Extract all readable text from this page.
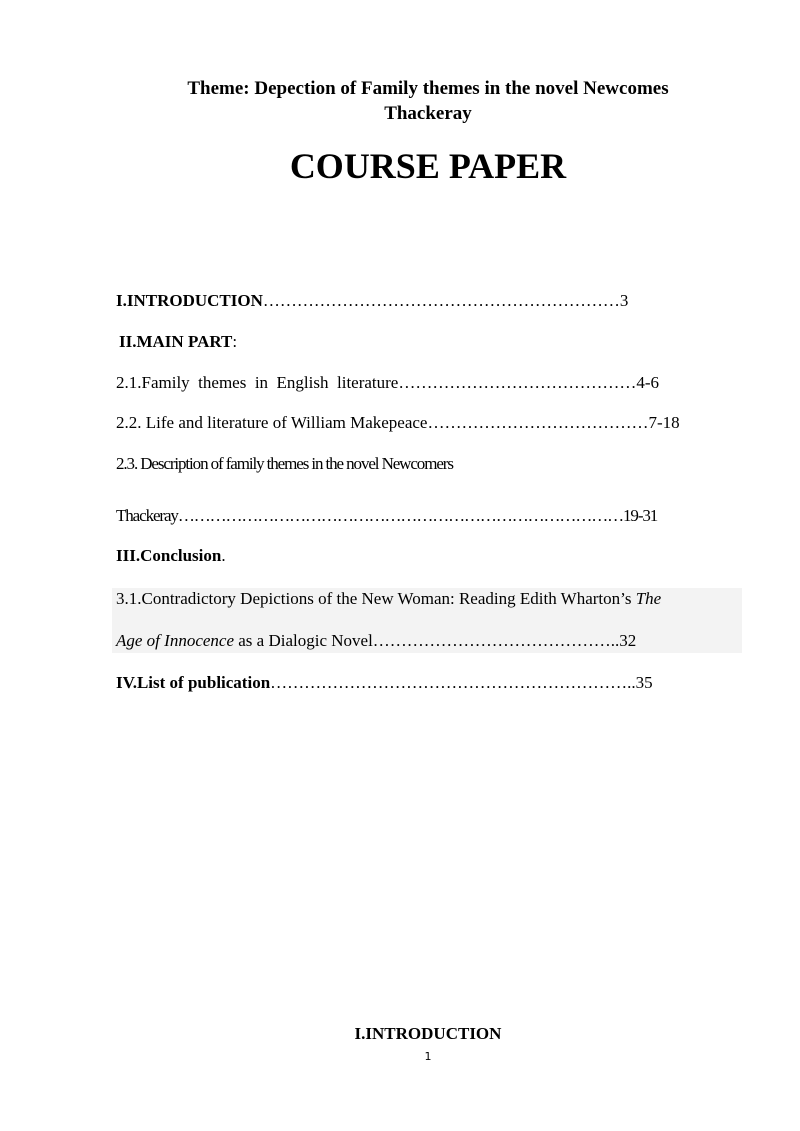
Theme: Depection of Family themes in the novel Newcomes
Thackeray
COURSE PAPER
I.INTRODUCTION………………………………………………………3
II.MAIN PART:
2.1.Family  themes  in  English  literature……………………………………4-6
2.2. Life and literature of William Makepeace…………………………………7-18
2.3. Description of family themes in the novel Newcomers
Thackeray…………………………………………………………………………19-31
III.Conclusion.
3.1.Contradictory Depictions of the New Woman: Reading Edith Wharton’s The
Age of Innocence as a Dialogic Novel……………………………………..32
IV.List of publication………………………………………………………..35
I.INTRODUCTION
1
